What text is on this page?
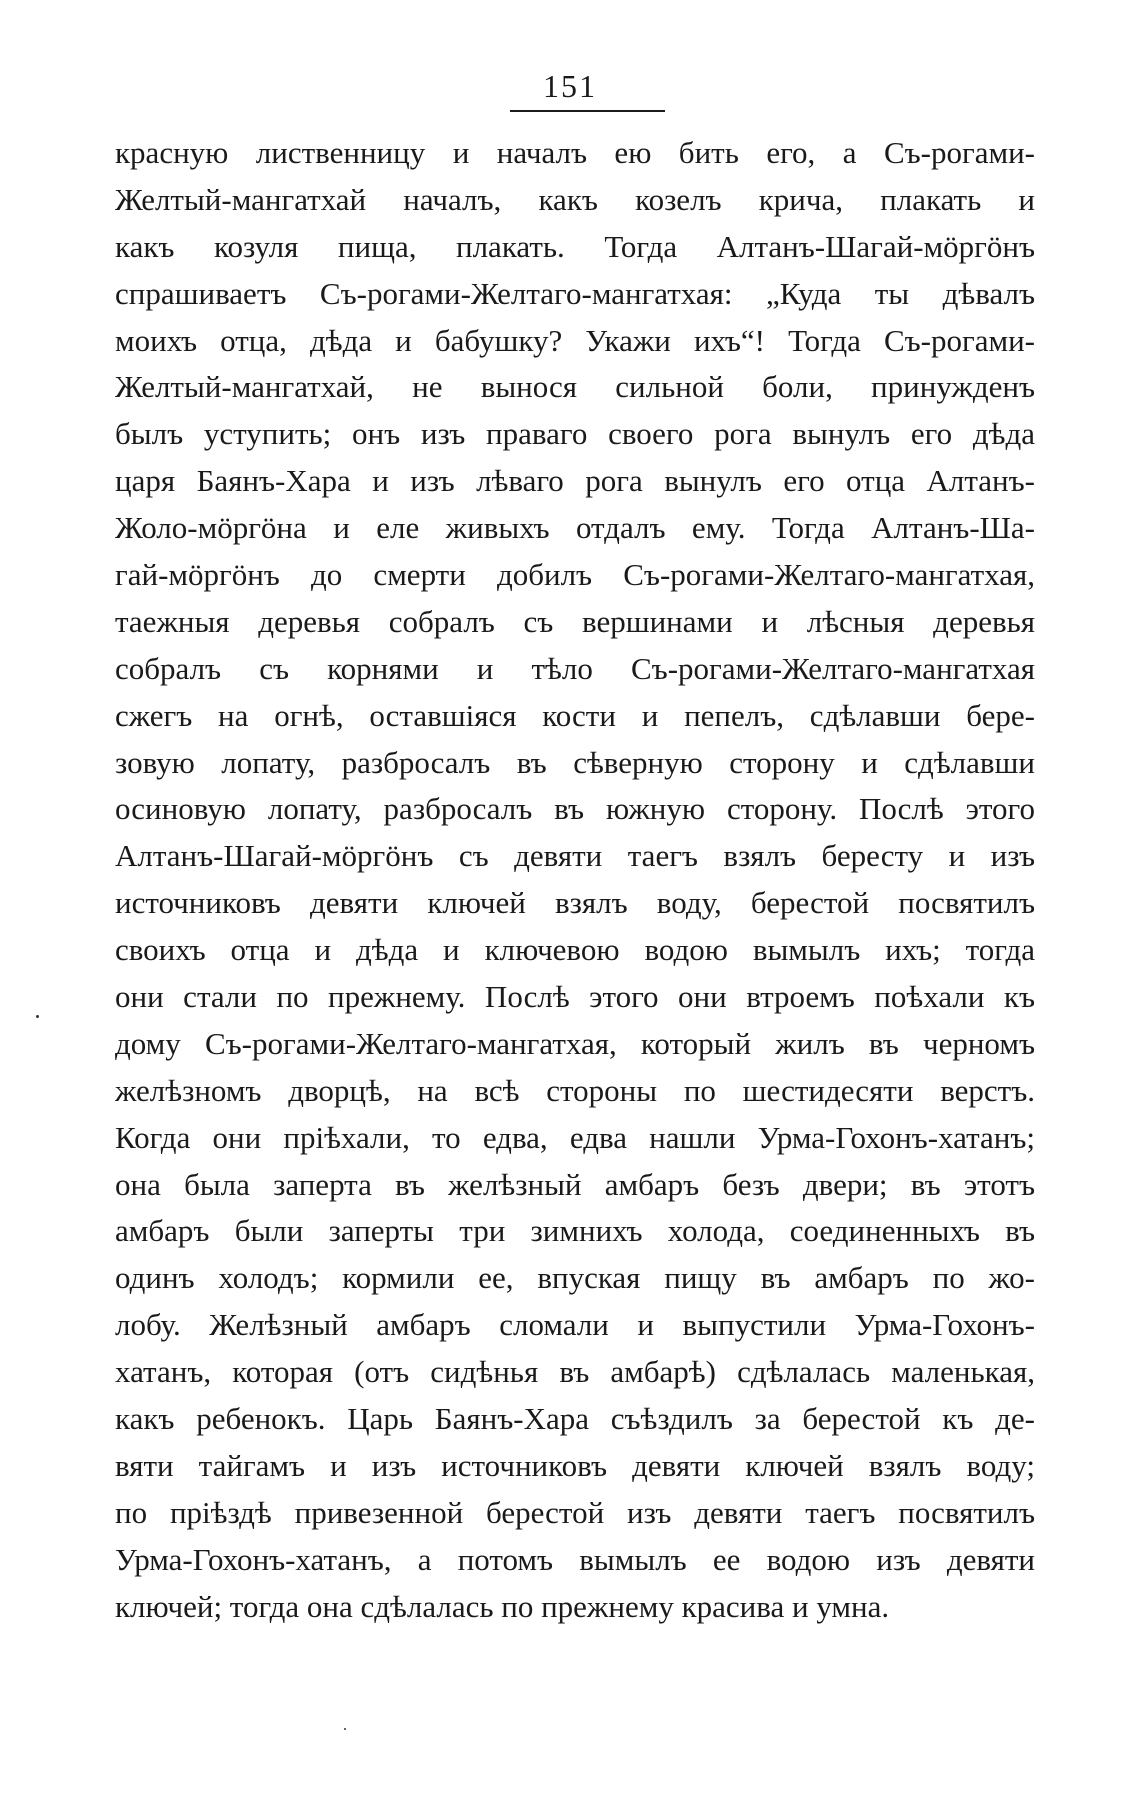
151
красную лиственницу и началъ ею бить его, а Съ-рогами-
Желтый-мангатхай началъ, какъ козелъ крича, плакать и
какъ козуля пища, плакать. Тогда Алтанъ-Шагай-мöргöнъ
спрашиваетъ Съ-рогами-Желтаго-мангатхая: „Куда ты дѣвалъ
моихъ отца, дѣда и бабушку? Укажи ихъ“! Тогда Съ-рогами-
Желтый-мангатхай, не вынося сильной боли, принужденъ
былъ уступить; онъ изъ праваго своего рога вынулъ его дѣда
царя Баянъ-Хара и изъ лѣваго рога вынулъ его отца Алтанъ-
Жоло-мöргöна и еле живыхъ отдалъ ему. Тогда Алтанъ-Ша-
гай-мöргöнъ до смерти добилъ Съ-рогами-Желтаго-мангатхая,
таежныя деревья собралъ съ вершинами и лѣсныя деревья
собралъ съ корнями и тѣло Съ-рогами-Желтаго-мангатхая
сжегъ на огнѣ, оставшіяся кости и пепелъ, сдѣлавши бере-
зовую лопату, разбросалъ въ сѣверную сторону и сдѣлавши
осиновую лопату, разбросалъ въ южную сторону. Послѣ этого
Алтанъ-Шагай-мöргöнъ съ девяти таегъ взялъ бересту и изъ
источниковъ девяти ключей взялъ воду, берестой посвятилъ
своихъ отца и дѣда и ключевою водою вымылъ ихъ; тогда
они стали по прежнему. Послѣ этого они втроемъ поѣхали къ
дому Съ-рогами-Желтаго-мангатхая, который жилъ въ черномъ
желѣзномъ дворцѣ, на всѣ стороны по шестидесяти верстъ.
Когда они пріѣхали, то едва, едва нашли Урма-Гохонъ-хатанъ;
она была заперта въ желѣзный амбаръ безъ двери; въ этотъ
амбаръ были заперты три зимнихъ холода, соединенныхъ въ
одинъ холодъ; кормили ее, впуская пищу въ амбаръ по жо-
лобу. Желѣзный амбаръ сломали и выпустили Урма-Гохонъ-
хатанъ, которая (отъ сидѣнья въ амбарѣ) сдѣлалась маленькая,
какъ ребенокъ. Царь Баянъ-Хара съѣздилъ за берестой къ де-
вяти тайгамъ и изъ источниковъ девяти ключей взялъ воду;
по пріѣздѣ привезенной берестой изъ девяти таегъ посвятилъ
Урма-Гохонъ-хатанъ, а потомъ вымылъ ее водою изъ девяти
ключей; тогда она сдѣлалась по прежнему красива и умна.
